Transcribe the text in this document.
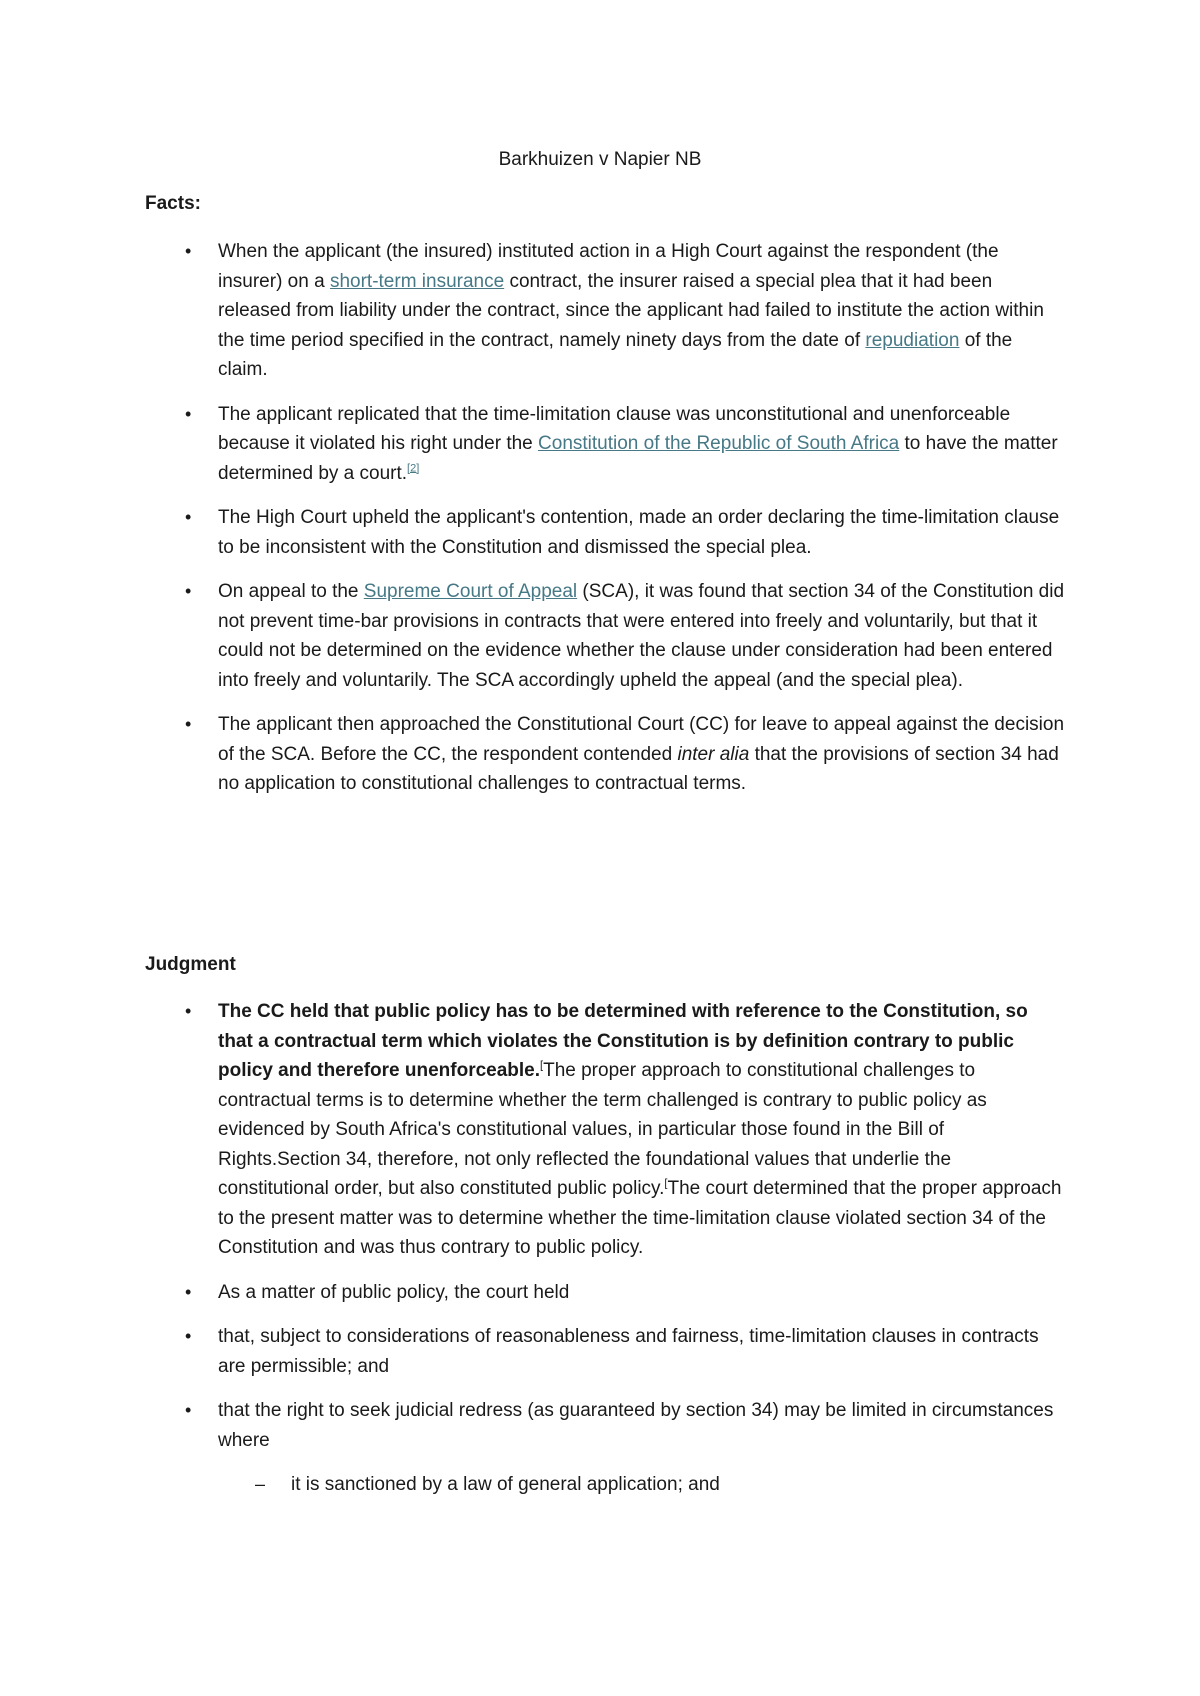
Barkhuizen v Napier NB
Facts:
• When the applicant (the insured) instituted action in a High Court against the respondent (the insurer) on a short-term insurance contract, the insurer raised a special plea that it had been released from liability under the contract, since the applicant had failed to institute the action within the time period specified in the contract, namely ninety days from the date of repudiation of the claim.
• The applicant replicated that the time-limitation clause was unconstitutional and unenforceable because it violated his right under the Constitution of the Republic of South Africa to have the matter determined by a court.[2]
• The High Court upheld the applicant's contention, made an order declaring the time-limitation clause to be inconsistent with the Constitution and dismissed the special plea.
• On appeal to the Supreme Court of Appeal (SCA), it was found that section 34 of the Constitution did not prevent time-bar provisions in contracts that were entered into freely and voluntarily, but that it could not be determined on the evidence whether the clause under consideration had been entered into freely and voluntarily. The SCA accordingly upheld the appeal (and the special plea).
• The applicant then approached the Constitutional Court (CC) for leave to appeal against the decision of the SCA. Before the CC, the respondent contended inter alia that the provisions of section 34 had no application to constitutional challenges to contractual terms.
Judgment
• The CC held that public policy has to be determined with reference to the Constitution, so that a contractual term which violates the Constitution is by definition contrary to public policy and therefore unenforceable.[The proper approach to constitutional challenges to contractual terms is to determine whether the term challenged is contrary to public policy as evidenced by South Africa's constitutional values, in particular those found in the Bill of Rights.Section 34, therefore, not only reflected the foundational values that underlie the constitutional order, but also constituted public policy.[The court determined that the proper approach to the present matter was to determine whether the time-limitation clause violated section 34 of the Constitution and was thus contrary to public policy.
• As a matter of public policy, the court held
• that, subject to considerations of reasonableness and fairness, time-limitation clauses in contracts are permissible; and
• that the right to seek judicial redress (as guaranteed by section 34) may be limited in circumstances where
– it is sanctioned by a law of general application; and
